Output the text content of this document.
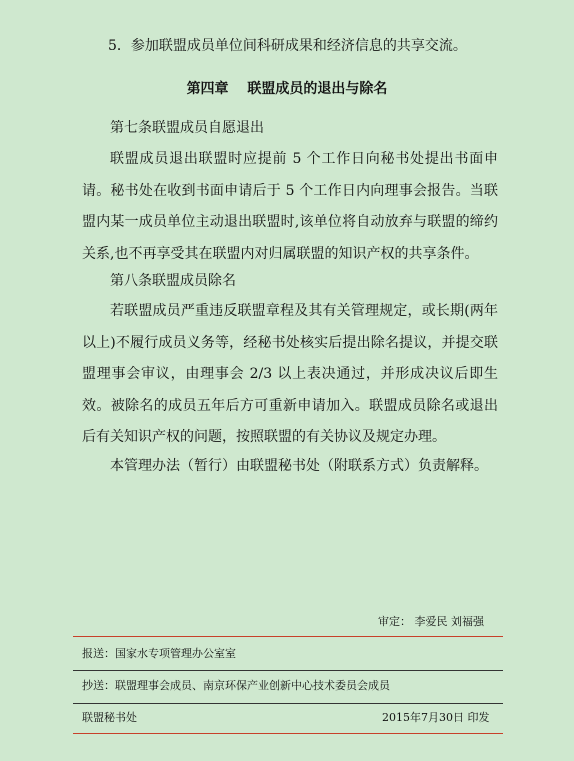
5．参加联盟成员单位间科研成果和经济信息的共享交流。
第四章　 联盟成员的退出与除名
第七条联盟成员自愿退出
联盟成员退出联盟时应提前 5 个工作日向秘书处提出书面申请。秘书处在收到书面申请后于 5 个工作日内向理事会报告。当联盟内某一成员单位主动退出联盟时,该单位将自动放弃与联盟的缔约关系,也不再享受其在联盟内对归属联盟的知识产权的共享条件。
第八条联盟成员除名
若联盟成员严重违反联盟章程及其有关管理规定，或长期(两年以上)不履行成员义务等，经秘书处核实后提出除名提议，并提交联盟理事会审议，由理事会 2/3 以上表决通过，并形成决议后即生效。被除名的成员五年后方可重新申请加入。联盟成员除名或退出后有关知识产权的问题，按照联盟的有关协议及规定办理。
本管理办法（暂行）由联盟秘书处（附联系方式）负责解释。
审定： 李爱民 刘福强
报送：国家水专项管理办公室室
抄送：联盟理事会成员、南京环保产业创新中心技术委员会成员
联盟秘书处	2015年7月30日 印发
